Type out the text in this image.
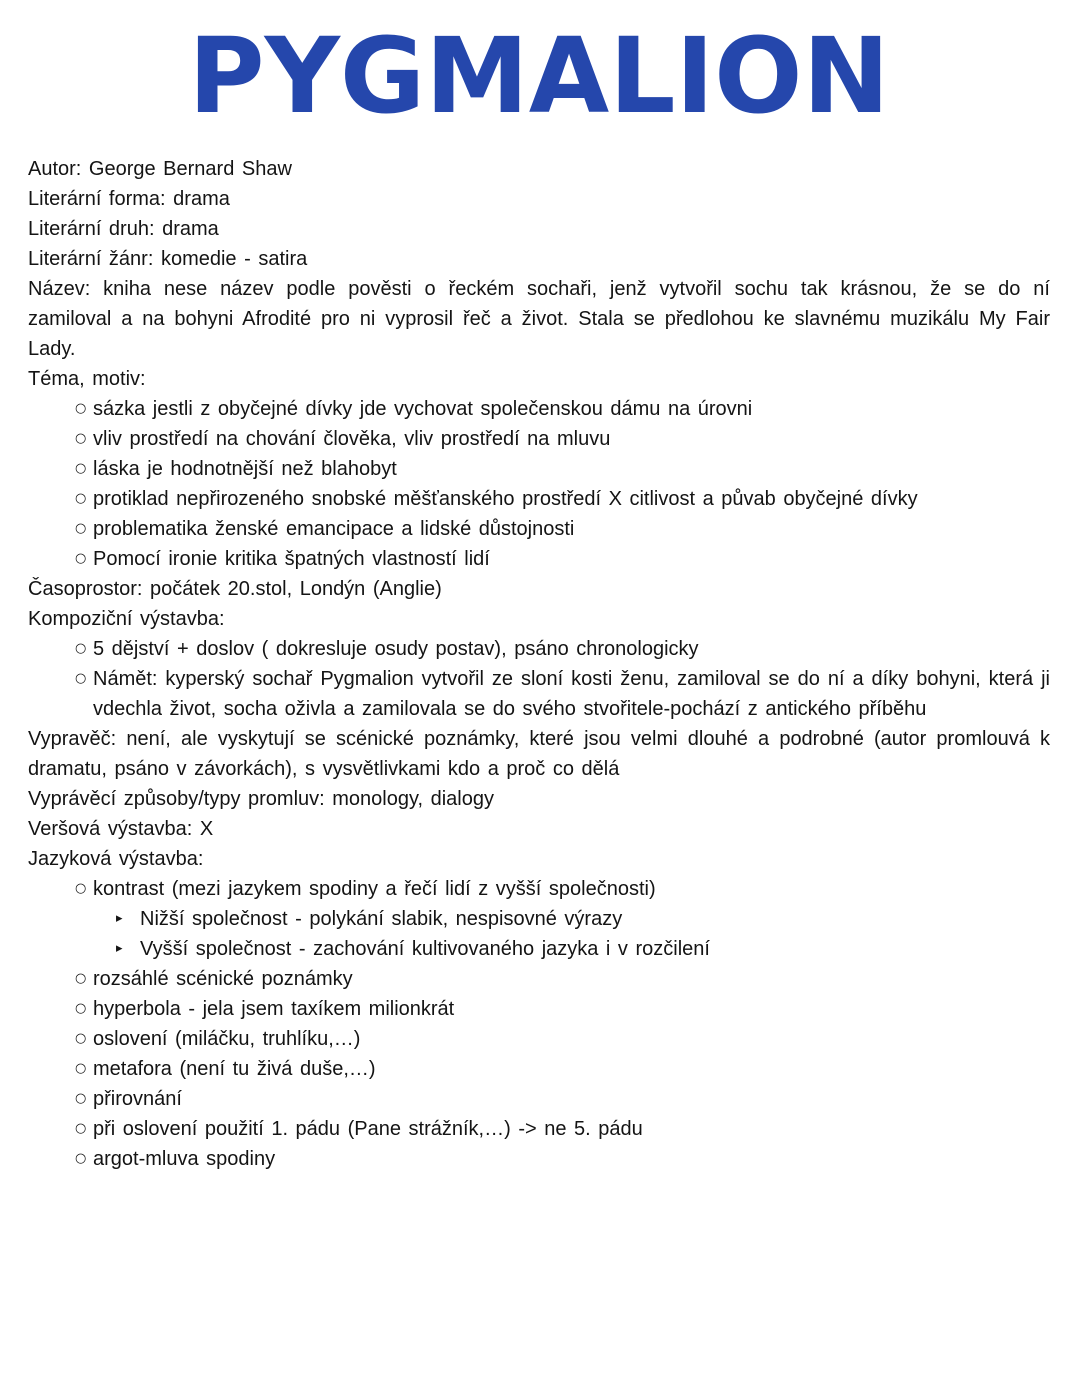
PYGMALION
Autor: George Bernard Shaw
Literární forma: drama
Literární druh: drama
Literární žánr: komedie - satira
Název: kniha nese název podle pověsti o řeckém sochaři, jenž vytvořil sochu tak krásnou, že se do ní zamiloval a na bohyni Afrodité pro ni vyprosil řeč a život. Stala se předlohou ke slavnému muzikálu My Fair Lady.
Téma, motiv:
○ sázka jestli z obyčejné dívky jde vychovat společenskou dámu na úrovni
○ vliv prostředí na chování člověka, vliv prostředí na mluvu
○ láska je hodnotnější než blahobyt
○ protiklad nepřirozeného snobské měšťanského prostředí X citlivost a půvab obyčejné dívky
○ problematika ženské emancipace a lidské důstojnosti
○ Pomocí ironie kritika špatných vlastností lidí
Časoprostor: počátek 20.stol, Londýn (Anglie)
Kompoziční výstavba:
○ 5 dějství + doslov ( dokresluje osudy postav), psáno chronologicky
○ Námět: kyperský sochař Pygmalion vytvořil ze sloní kosti ženu, zamiloval se do ní a díky bohyni, která ji vdechla život, socha oživla a zamilovala se do svého stvořitele-pochází z antického příběhu
Vypravěč: není, ale vyskytují se scénické poznámky, které jsou velmi dlouhé a podrobné (autor promlouvá k dramatu, psáno v závorkách), s vysvětlivkami kdo a proč co dělá
Vyprávěcí způsoby/typy promluv: monology, dialogy
Veršová výstavba: X
Jazyková výstavba:
○ kontrast (mezi jazykem spodiny a řečí lidí z vyšší společnosti)
▸ Nižší společnost - polykání slabik, nespisovné výrazy
▸ Vyšší společnost - zachování kultivovaného jazyka i v rozčilení
○ rozsáhlé scénické poznámky
○ hyperbola - jela jsem taxíkem milionkrát
○ oslovení (miláčku, truhlíku,…)
○ metafora (není tu živá duše,…)
○ přirovnání
○ při oslovení použití 1. pádu (Pane strážník,…) -> ne 5. pádu
○ argot-mluva spodiny
